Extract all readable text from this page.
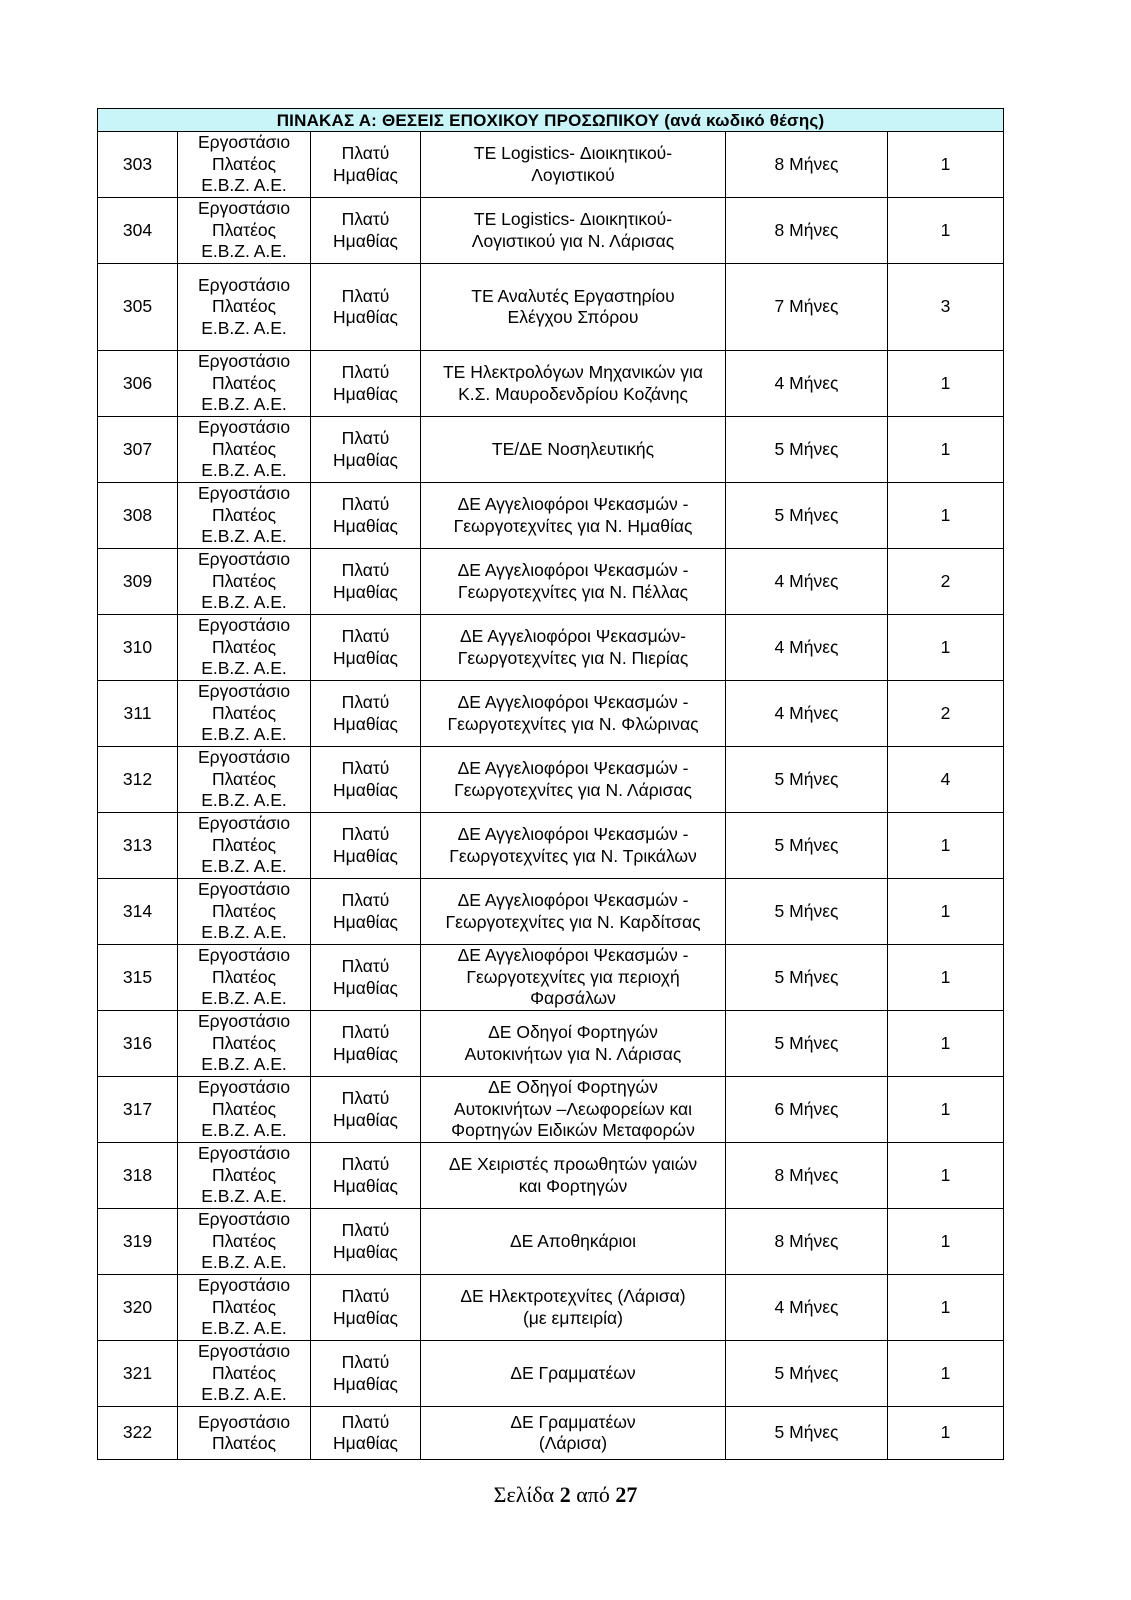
ΠΙΝΑΚΑΣ Α: ΘΕΣΕΙΣ ΕΠΟΧΙΚΟΥ ΠΡΟΣΩΠΙΚΟΥ (ανά κωδικό θέσης)					
303	Εργοστάσιο
Πλατέος
Ε.Β.Ζ. Α.Ε.	Πλατύ
Ημαθίας	ΤΕ Logistics- Διοικητικού-
Λογιστικού	8 Μήνες	1
304	Εργοστάσιο
Πλατέος
Ε.Β.Ζ. Α.Ε.	Πλατύ
Ημαθίας	ΤΕ Logistics- Διοικητικού-
Λογιστικού για Ν. Λάρισας	8 Μήνες	1
305	Εργοστάσιο
Πλατέος
Ε.Β.Ζ. Α.Ε.	Πλατύ
Ημαθίας	ΤΕ Αναλυτές Εργαστηρίου
Ελέγχου Σπόρου	7 Μήνες	3
306	Εργοστάσιο
Πλατέος
Ε.Β.Ζ. Α.Ε.	Πλατύ
Ημαθίας	ΤΕ Ηλεκτρολόγων Μηχανικών για
Κ.Σ. Μαυροδενδρίου Κοζάνης	4 Μήνες	1
307	Εργοστάσιο
Πλατέος
Ε.Β.Ζ. Α.Ε.	Πλατύ
Ημαθίας	ΤΕ/ΔΕ Νοσηλευτικής	5 Μήνες	1
308	Εργοστάσιο
Πλατέος
Ε.Β.Ζ. Α.Ε.	Πλατύ
Ημαθίας	ΔΕ Αγγελιοφόροι Ψεκασμών -
Γεωργοτεχνίτες για Ν. Ημαθίας	5 Μήνες	1
309	Εργοστάσιο
Πλατέος
Ε.Β.Ζ. Α.Ε.	Πλατύ
Ημαθίας	ΔΕ Αγγελιοφόροι Ψεκασμών -
Γεωργοτεχνίτες για Ν. Πέλλας	4 Μήνες	2
310	Εργοστάσιο
Πλατέος
Ε.Β.Ζ. Α.Ε.	Πλατύ
Ημαθίας	ΔΕ Αγγελιοφόροι Ψεκασμών-
Γεωργοτεχνίτες για Ν. Πιερίας	4 Μήνες	1
311	Εργοστάσιο
Πλατέος
Ε.Β.Ζ. Α.Ε.	Πλατύ
Ημαθίας	ΔΕ Αγγελιοφόροι Ψεκασμών -
Γεωργοτεχνίτες για Ν. Φλώρινας	4 Μήνες	2
312	Εργοστάσιο
Πλατέος
Ε.Β.Ζ. Α.Ε.	Πλατύ
Ημαθίας	ΔΕ Αγγελιοφόροι Ψεκασμών -
Γεωργοτεχνίτες για Ν. Λάρισας	5 Μήνες	4
313	Εργοστάσιο
Πλατέος
Ε.Β.Ζ. Α.Ε.	Πλατύ
Ημαθίας	ΔΕ Αγγελιοφόροι Ψεκασμών -
Γεωργοτεχνίτες για Ν. Τρικάλων	5 Μήνες	1
314	Εργοστάσιο
Πλατέος
Ε.Β.Ζ. Α.Ε.	Πλατύ
Ημαθίας	ΔΕ Αγγελιοφόροι Ψεκασμών -
Γεωργοτεχνίτες για Ν. Καρδίτσας	5 Μήνες	1
315	Εργοστάσιο
Πλατέος
Ε.Β.Ζ. Α.Ε.	Πλατύ
Ημαθίας	ΔΕ Αγγελιοφόροι Ψεκασμών -
Γεωργοτεχνίτες για περιοχή
Φαρσάλων	5 Μήνες	1
316	Εργοστάσιο
Πλατέος
Ε.Β.Ζ. Α.Ε.	Πλατύ
Ημαθίας	ΔΕ Οδηγοί Φορτηγών
Αυτοκινήτων για Ν. Λάρισας	5 Μήνες	1
317	Εργοστάσιο
Πλατέος
Ε.Β.Ζ. Α.Ε.	Πλατύ
Ημαθίας	ΔΕ Οδηγοί Φορτηγών
Αυτοκινήτων –Λεωφορείων και
Φορτηγών Ειδικών Μεταφορών	6 Μήνες	1
318	Εργοστάσιο
Πλατέος
Ε.Β.Ζ. Α.Ε.	Πλατύ
Ημαθίας	ΔΕ Χειριστές προωθητών γαιών
και Φορτηγών	8 Μήνες	1
319	Εργοστάσιο
Πλατέος
Ε.Β.Ζ. Α.Ε.	Πλατύ
Ημαθίας	ΔΕ Αποθηκάριοι	8 Μήνες	1
320	Εργοστάσιο
Πλατέος
Ε.Β.Ζ. Α.Ε.	Πλατύ
Ημαθίας	ΔΕ Ηλεκτροτεχνίτες (Λάρισα)
(με εμπειρία)	4 Μήνες	1
321	Εργοστάσιο
Πλατέος
Ε.Β.Ζ. Α.Ε.	Πλατύ
Ημαθίας	ΔΕ Γραμματέων	5 Μήνες	1
322	Εργοστάσιο
Πλατέος	Πλατύ
Ημαθίας	ΔΕ Γραμματέων
(Λάρισα)	5 Μήνες	1
Σελίδα 2 από 27
